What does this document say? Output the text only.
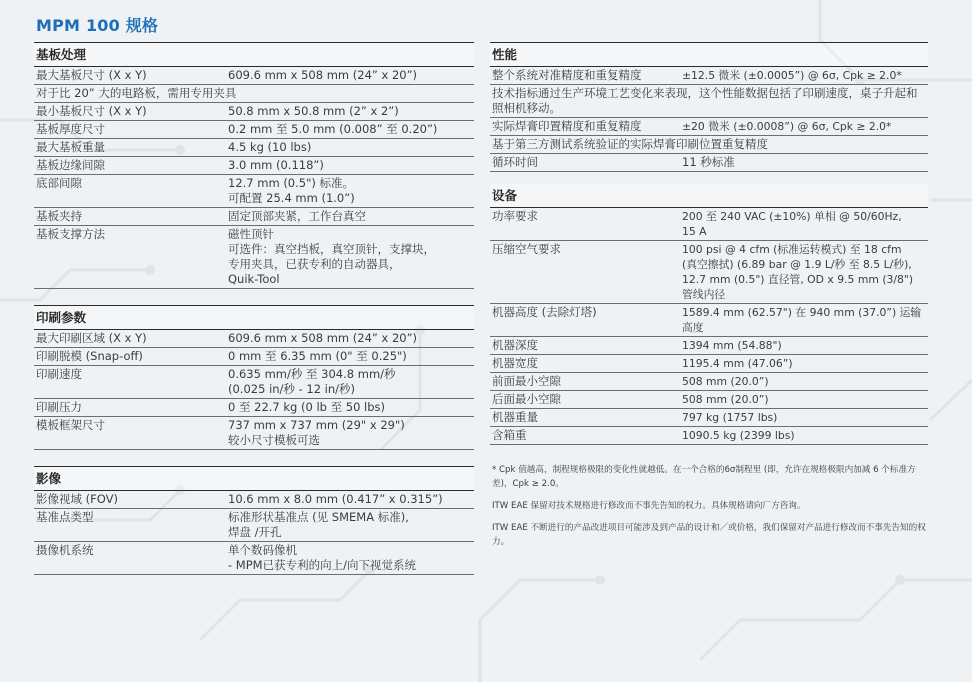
MPM 100 规格
基板处理
最大基板尺寸 (X x Y)	609.6 mm x 508 mm (24” x 20”)
对于比 20” 大的电路板，需用专用夹具
最小基板尺寸 (X x Y)	50.8 mm x 50.8 mm (2” x 2”)
基板厚度尺寸	0.2 mm 至 5.0 mm (0.008” 至 0.20”)
最大基板重量	4.5 kg (10 lbs)
基板边缘间隙	3.0 mm (0.118”)
底部间隙	12.7 mm (0.5") 标准。
可配置 25.4 mm (1.0”)
基板夹持	固定顶部夹紧，工作台真空
基板支撑方法	磁性顶针
可选件：真空挡板，真空顶针，支撑块，
专用夹具，已获专利的自动器具，
Quik-Tool
印刷参数
最大印刷区域 (X x Y)	609.6 mm x 508 mm (24” x 20”)
印刷脱模 (Snap-off)	0 mm 至 6.35 mm (0" 至 0.25")
印刷速度	0.635 mm/秒 至 304.8 mm/秒
(0.025 in/秒 - 12 in/秒)
印刷压力	0 至 22.7 kg (0 lb 至 50 lbs)
模板框架尺寸	737 mm x 737 mm (29" x 29")
较小尺寸模板可选
影像
影像视域 (FOV)	10.6 mm x 8.0 mm (0.417” x 0.315”)
基准点类型	标准形状基准点 (见 SMEMA 标准),
焊盘 /开孔
摄像机系统	单个数码像机
- MPM已获专利的向上/向下视觉系统
性能
整个系统对准精度和重复精度	±12.5 微米 (±0.0005”) @ 6σ, Cpk ≥ 2.0*
技术指标通过生产环境工艺变化来表现，这个性能数据包括了印刷速度，桌子升起和照相机移动。
实际焊膏印置精度和重复精度	±20 微米 (±0.0008”) @ 6σ, Cpk ≥ 2.0*
基于第三方测试系统验证的实际焊膏印刷位置重复精度
循环时间	11 秒标准
设备
功率要求	200 至 240 VAC (±10%) 单相 @ 50/60Hz,
15 A
压缩空气要求	100 psi @ 4 cfm (标准运转模式) 至 18 cfm
(真空擦拭) (6.89 bar @ 1.9 L/秒 至 8.5 L/秒),
12.7 mm (0.5") 直径管, OD x 9.5 mm (3/8")
管线内径
机器高度 (去除灯塔)	1589.4 mm (62.57") 在 940 mm (37.0”) 运输
高度
机器深度	1394 mm (54.88")
机器宽度	1195.4 mm (47.06”)
前面最小空隙	508 mm (20.0”)
后面最小空隙	508 mm (20.0”)
机器重量	797 kg (1757 lbs)
含箱重	1090.5 kg (2399 lbs)

* Cpk 值越高，制程规格极限的变化性就越低。在一个合格的6σ制程里 (即，允许在规格极限内加减 6 个标准方差)，Cpk ≥ 2.0。

ITW EAE 保留对技术规格进行修改而不事先告知的权力。具体规格请向厂方咨询。

ITW EAE 不断进行的产品改进项目可能涉及到产品的设计和／或价格，我们保留对产品进行修改而不事先告知的权力。
